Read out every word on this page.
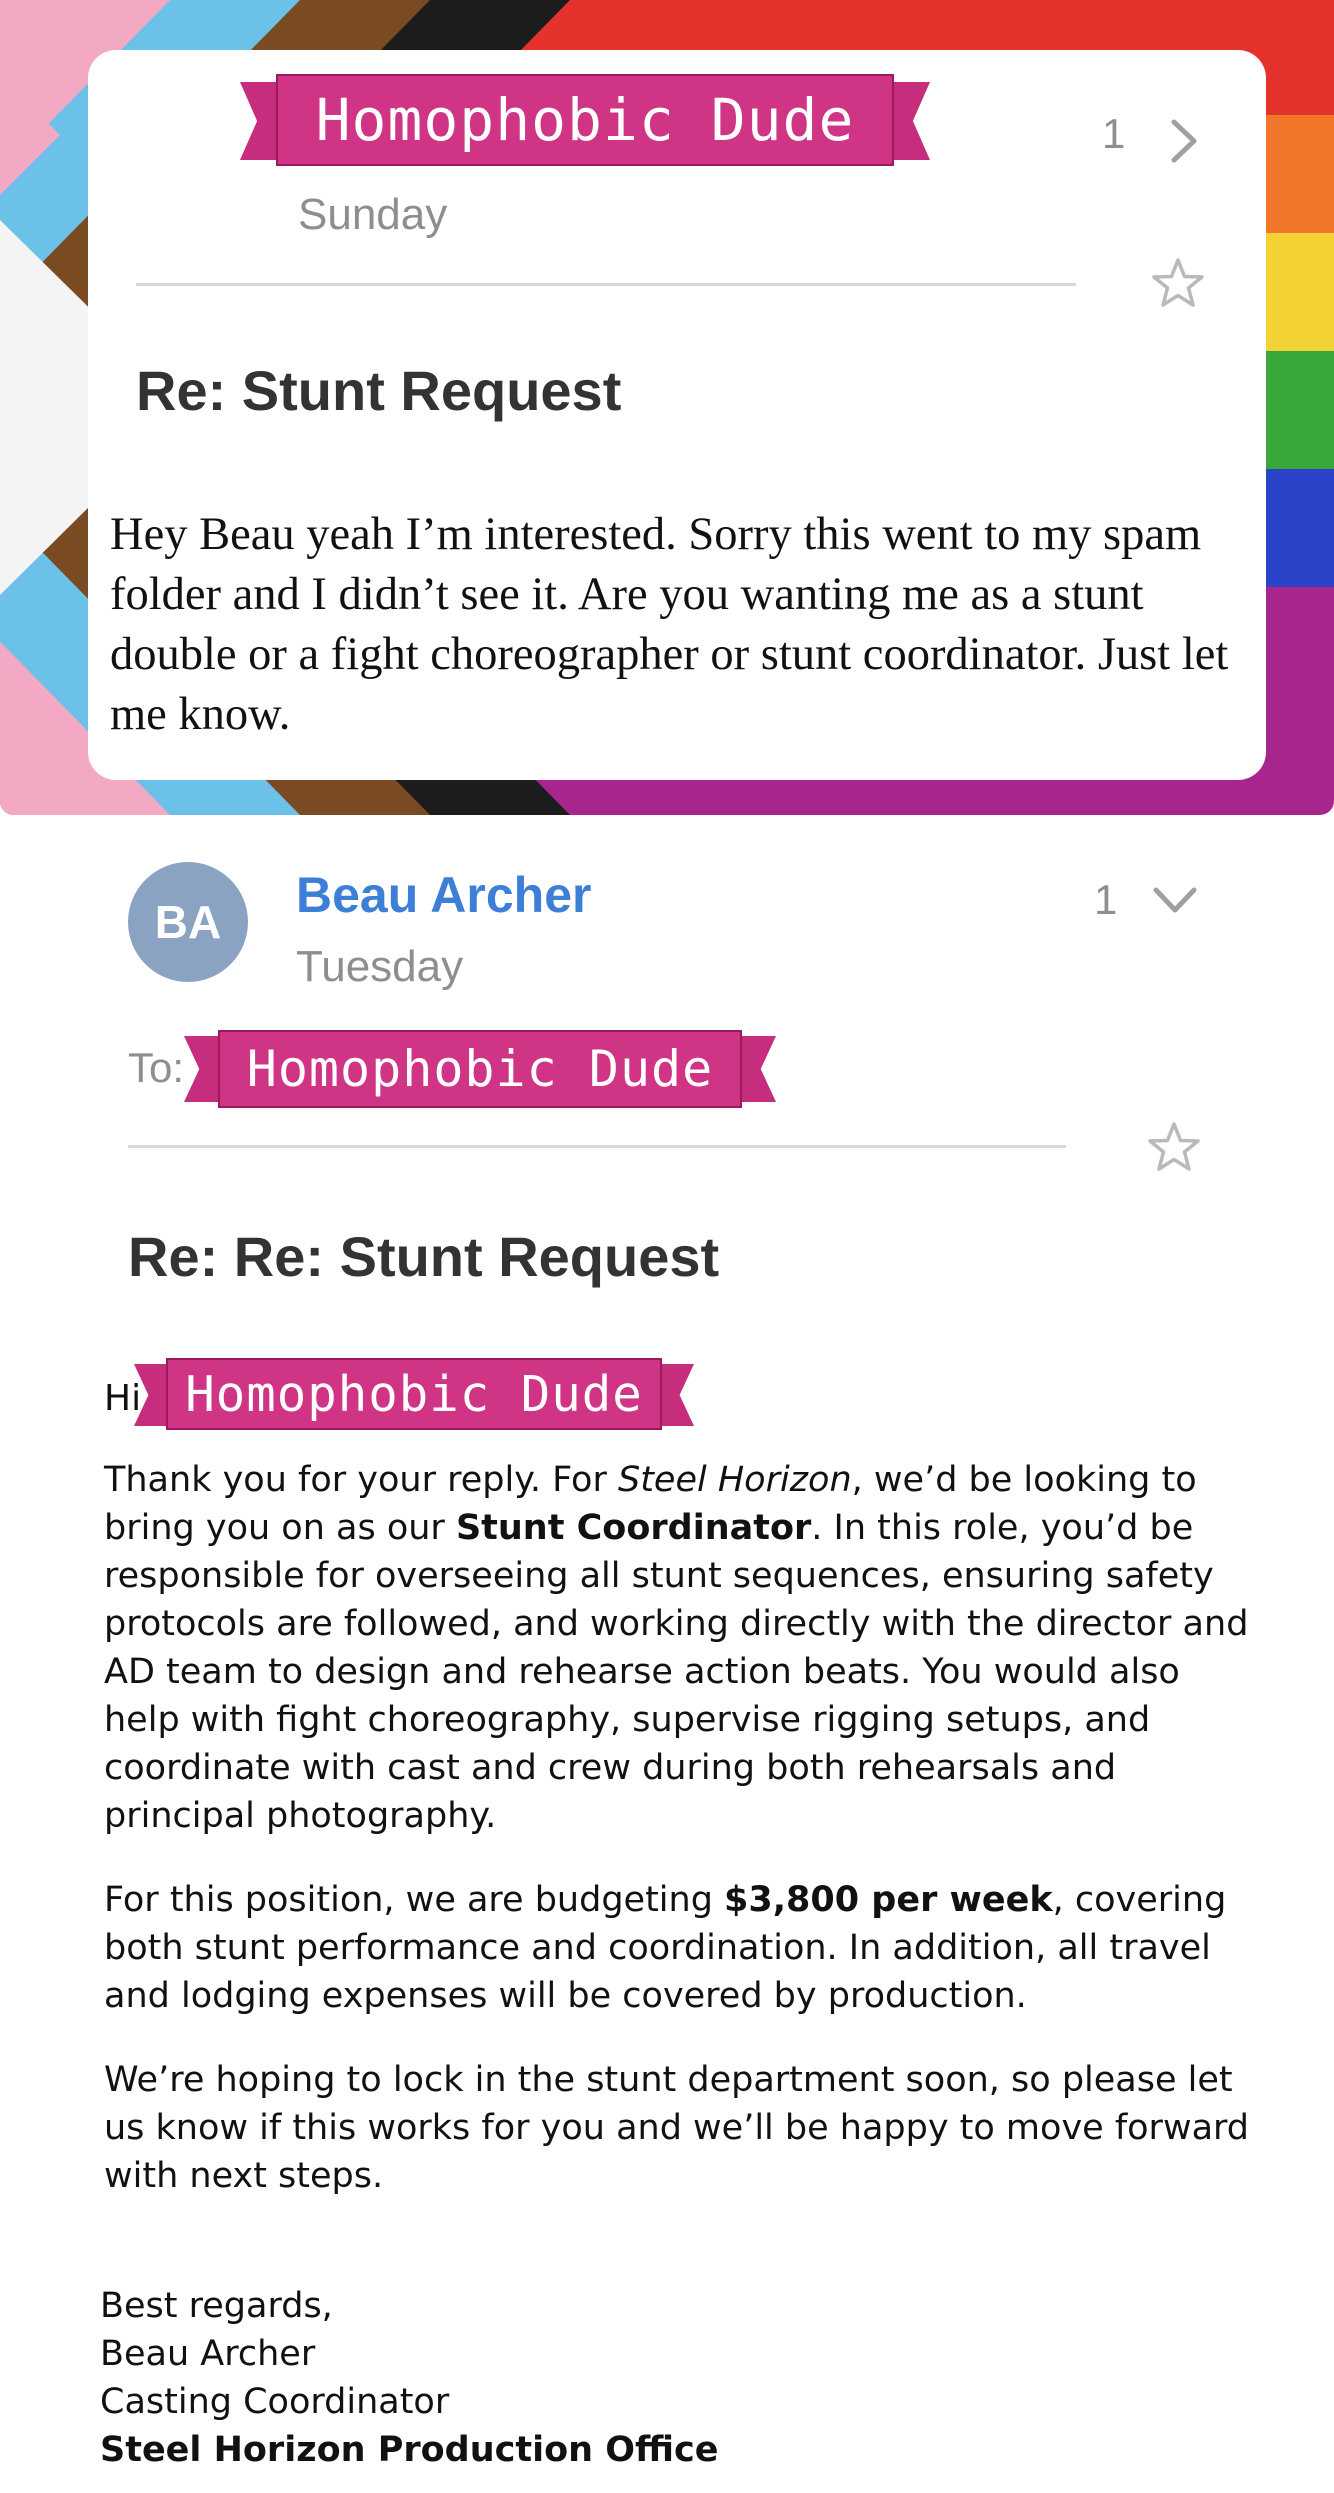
Homophobic Dude	1
Sunday
Re: Stunt Request
Hey Beau yeah I’m interested. Sorry this went to my spam folder and I didn’t see it. Are you wanting me as a stunt double or a fight choreographer or stunt coordinator. Just let me know.
BA	Beau Archer	1
Tuesday
To:	Homophobic Dude
Re: Re: Stunt Request
Hi Homophobic Dude

Thank you for your reply. For Steel Horizon, we’d be looking to bring you on as our Stunt Coordinator. In this role, you’d be responsible for overseeing all stunt sequences, ensuring safety protocols are followed, and working directly with the director and AD team to design and rehearse action beats. You would also help with fight choreography, supervise rigging setups, and coordinate with cast and crew during both rehearsals and principal photography.

For this position, we are budgeting $3,800 per week, covering both stunt performance and coordination. In addition, all travel and lodging expenses will be covered by production.

We’re hoping to lock in the stunt department soon, so please let us know if this works for you and we’ll be happy to move forward with next steps.

Best regards,
Beau Archer
Casting Coordinator
Steel Horizon Production Office
